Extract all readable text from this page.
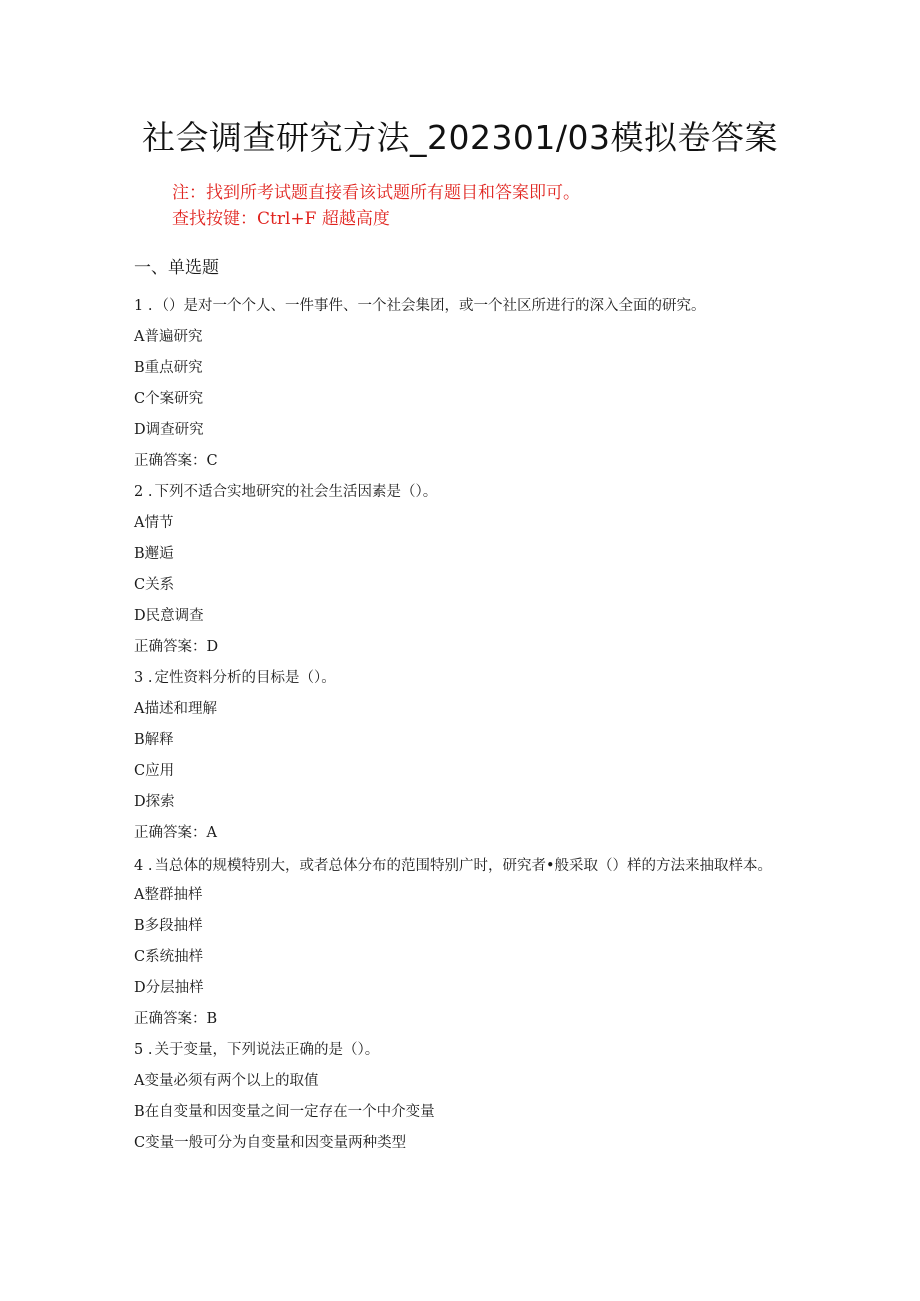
社会调查研究方法_202301/03模拟卷答案
注：找到所考试题直接看该试题所有题目和答案即可。
查找按键：Ctrl+F 超越高度
一、单选题
1 . （）是对一个个人、一件事件、一个社会集团，或一个社区所进行的深入全面的研究。
A普遍研究
B重点研究
C个案研究
D调查研究
正确答案：C
2 . 下列不适合实地研究的社会生活因素是（）。
A情节
B邂逅
C关系
D民意调查
正确答案：D
3 . 定性资料分析的目标是（）。
A描述和理解
B解释
C应用
D探索
正确答案：A
4 . 当总体的规模特别大，或者总体分布的范围特别广时，研究者•般采取（）样的方法来抽取样本。
A整群抽样
B多段抽样
C系统抽样
D分层抽样
正确答案：B
5 . 关于变量，下列说法正确的是（）。
A变量必须有两个以上的取值
B在自变量和因变量之间一定存在一个中介变量
C变量一般可分为自变量和因变量两种类型
